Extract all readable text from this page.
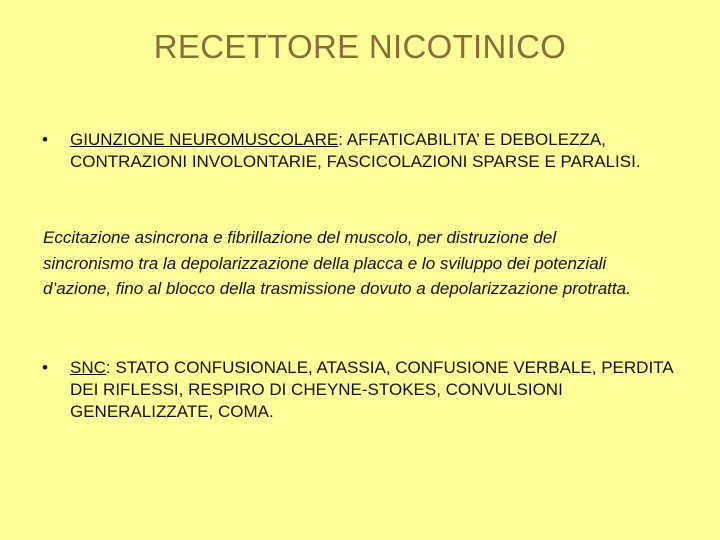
RECETTORE NICOTINICO
• GIUNZIONE NEUROMUSCOLARE: AFFATICABILITA’ E DEBOLEZZA, CONTRAZIONI INVOLONTARIE, FASCICOLAZIONI SPARSE E PARALISI.
Eccitazione asincrona e fibrillazione del muscolo, per distruzione del sincronismo tra la depolarizzazione della placca e lo sviluppo dei potenziali d’azione, fino al blocco della trasmissione dovuto a depolarizzazione protratta.
• SNC: STATO CONFUSIONALE, ATASSIA, CONFUSIONE VERBALE, PERDITA DEI RIFLESSI, RESPIRO DI CHEYNE-STOKES, CONVULSIONI GENERALIZZATE, COMA.
